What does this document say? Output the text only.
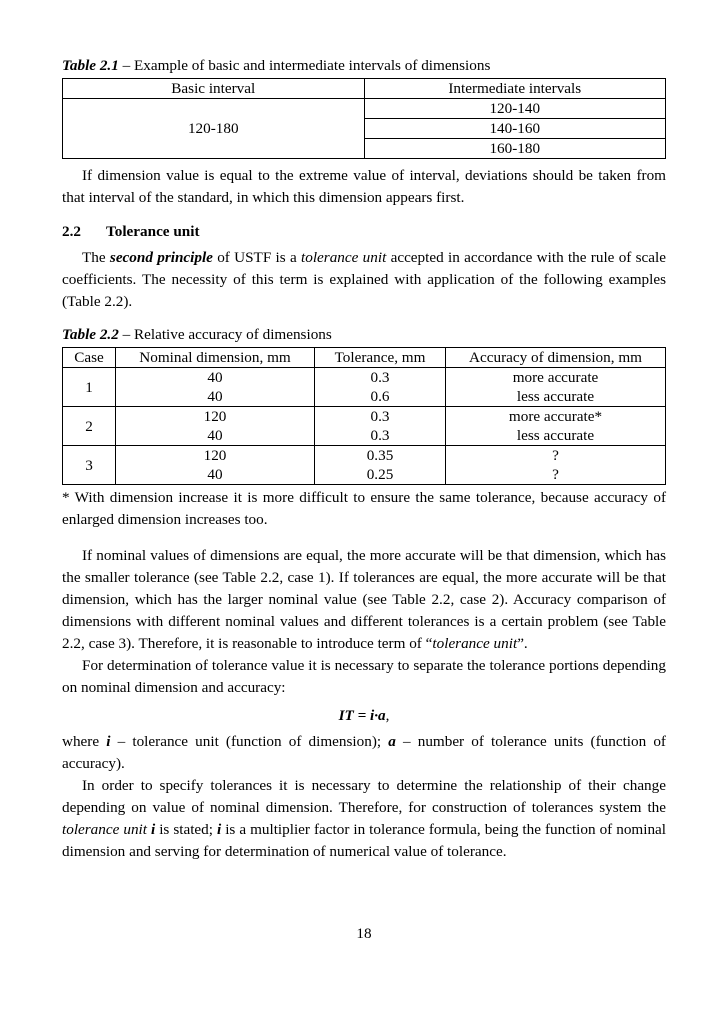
Table 2.1 – Example of basic and intermediate intervals of dimensions
Basic interval	Intermediate intervals
120-180	120-140
	140-160
	160-180

If dimension value is equal to the extreme value of interval, deviations should be taken from that interval of the standard, in which this dimension appears first.

2.2 Tolerance unit

The second principle of USTF is a tolerance unit accepted in accordance with the rule of scale coefficients. The necessity of this term is explained with application of the following examples (Table 2.2).

Table 2.2 – Relative accuracy of dimensions
Case	Nominal dimension, mm	Tolerance, mm	Accuracy of dimension, mm
1	40	0.3	more accurate
	40	0.6	less accurate
2	120	0.3	more accurate*
	40	0.3	less accurate
3	120	0.35	?
	40	0.25	?

* With dimension increase it is more difficult to ensure the same tolerance, because accuracy of enlarged dimension increases too.

If nominal values of dimensions are equal, the more accurate will be that dimension, which has the smaller tolerance (see Table 2.2, case 1). If tolerances are equal, the more accurate will be that dimension, which has the larger nominal value (see Table 2.2, case 2). Accuracy comparison of dimensions with different nominal values and different tolerances is a certain problem (see Table 2.2, case 3). Therefore, it is reasonable to introduce term of “tolerance unit”.

For determination of tolerance value it is necessary to separate the tolerance portions depending on nominal dimension and accuracy:

IT = i·a,

where i – tolerance unit (function of dimension); a – number of tolerance units (function of accuracy).

In order to specify tolerances it is necessary to determine the relationship of their change depending on value of nominal dimension. Therefore, for construction of tolerances system the tolerance unit i is stated; i is a multiplier factor in tolerance formula, being the function of nominal dimension and serving for determination of numerical value of tolerance.

18
